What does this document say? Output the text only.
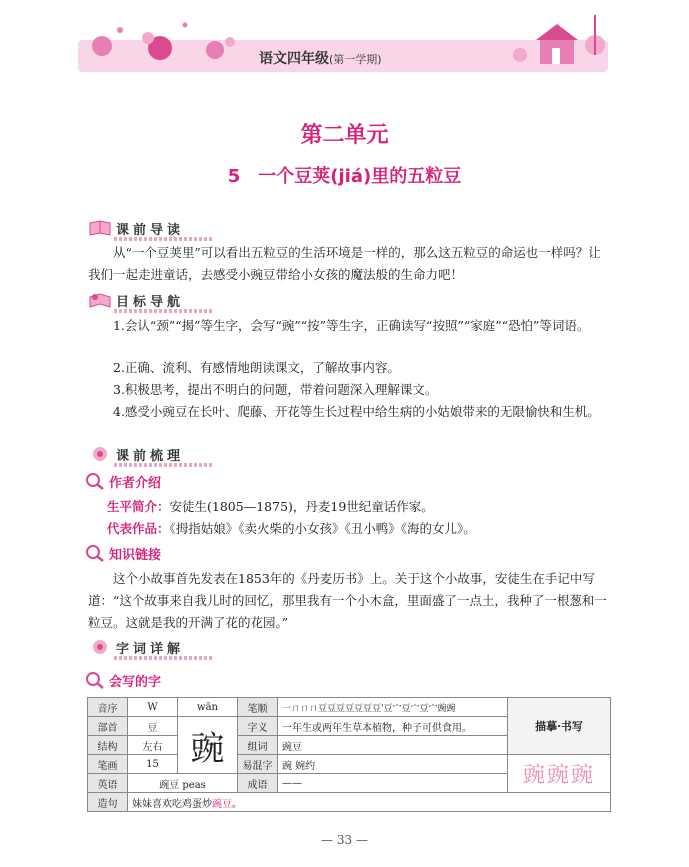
语文四年级(第一学期)
第二单元
5　一个豆荚(jiá)里的五粒豆
课前导读
从“一个豆荚里”可以看出五粒豆的生活环境是一样的，那么这五粒豆的命运也一样吗？让我们一起走进童话，去感受小豌豆带给小女孩的魔法般的生命力吧！
目标导航
1.会认“颈”“揭”等生字，会写“豌”“按”等生字，正确读写“按照”“家庭”“恐怕”等词语。
2.正确、流利、有感情地朗读课文，了解故事内容。
3.积极思考，提出不明白的问题，带着问题深入理解课文。
4.感受小豌豆在长叶、爬藤、开花等生长过程中给生病的小姑娘带来的无限愉快和生机。
课前梳理
作者介绍
生平简介：安徒生(1805—1875)，丹麦19世纪童话作家。
代表作品：《拇指姑娘》《卖火柴的小女孩》《丑小鸭》《海的女儿》。
知识链接
这个小故事首先发表在1853年的《丹麦历书》上。关于这个小故事，安徒生在手记中写道：“这个故事来自我儿时的回忆，那里我有一个小木盒，里面盛了一点土，我种了一根葱和一粒豆。这就是我的开满了花的花园。”
字词详解
会写的字
音序	W	wān	笔顺	一ㄇㄇㄇ豆豆豆豆豆豆豆'豆宀豆宀豆宀豌豌	描摹·书写
部首	豆	豌	字义	一年生或两年生草本植物，种子可供食用。	
结构	左右		组词	豌豆	
笔画	15		易混字	豌 婉约	豌豌豌
英语	豌豆 peas		成语	——	
造句	妹妹喜欢吃鸡蛋炒豌豆。				
— 33 —
